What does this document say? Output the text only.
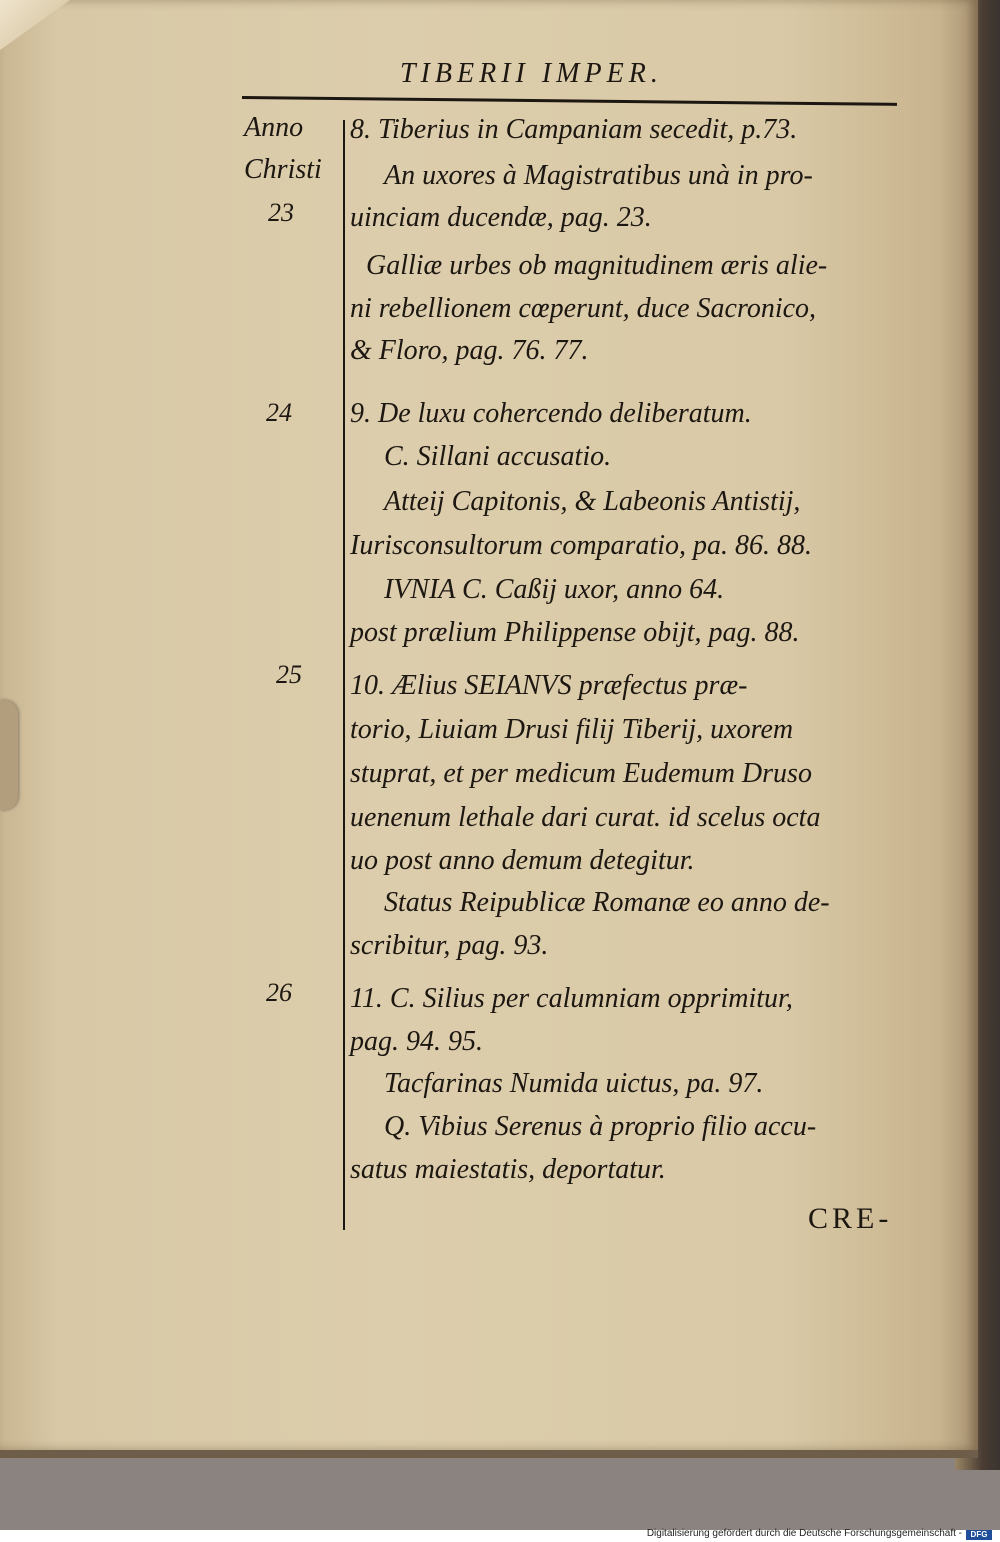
TIBERII IMPER.
Anno
Christi
23
24
25
26
8. Tiberius in Campaniam secedit, p.73.
An uxores à Magistratibus unà in pro-
uinciam ducendæ, pag. 23.
Galliæ urbes ob magnitudinem æris alie-
ni rebellionem cœperunt, duce Sacronico,
& Floro, pag. 76. 77.
9. De luxu cohercendo deliberatum.
C. Sillani accusatio.
Atteij Capitonis, & Labeonis Antistij,
Iurisconsultorum comparatio, pa. 86. 88.
IVNIA C. Caßij uxor, anno 64.
post prælium Philippense obijt, pag. 88.
10. Ælius SEIANVS præfectus præ-
torio, Liuiam Drusi filij Tiberij, uxorem
stuprat, et per medicum Eudemum Druso
uenenum lethale dari curat. id scelus octa
uo post anno demum detegitur.
Status Reipublicæ Romanæ eo anno de-
scribitur, pag. 93.
11. C. Silius per calumniam opprimitur,
pag. 94. 95.
Tacfarinas Numida uictus, pa. 97.
Q. Vibius Serenus à proprio filio accu-
satus maiestatis, deportatur.
CRE-
Digitalisierung gefördert durch die Deutsche Forschungsgemeinschaft -	DFG
